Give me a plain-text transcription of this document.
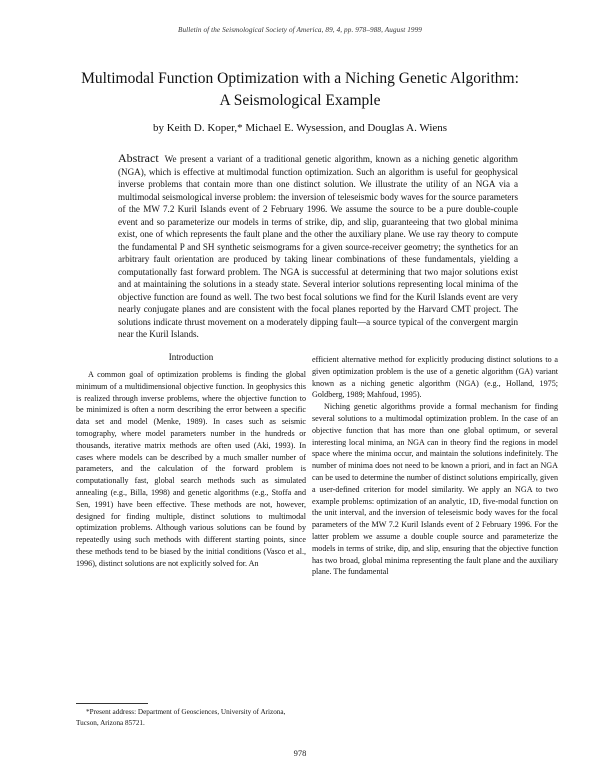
Bulletin of the Seismological Society of America, 89, 4, pp. 978–988, August 1999
Multimodal Function Optimization with a Niching Genetic Algorithm:
A Seismological Example
by Keith D. Koper,* Michael E. Wysession, and Douglas A. Wiens
Abstract We present a variant of a traditional genetic algorithm, known as a niching genetic algorithm (NGA), which is effective at multimodal function optimization. Such an algorithm is useful for geophysical inverse problems that contain more than one distinct solution. We illustrate the utility of an NGA via a multimodal seismological inverse problem: the inversion of teleseismic body waves for the source parameters of the MW 7.2 Kuril Islands event of 2 February 1996. We assume the source to be a pure double-couple event and so parameterize our models in terms of strike, dip, and slip, guaranteeing that two global minima exist, one of which represents the fault plane and the other the auxiliary plane. We use ray theory to compute the fundamental P and SH synthetic seismograms for a given source-receiver geometry; the synthetics for an arbitrary fault orientation are produced by taking linear combinations of these fundamentals, yielding a computationally fast forward problem. The NGA is successful at determining that two major solutions exist and at maintaining the solutions in a steady state. Several interior solutions representing local minima of the objective function are found as well. The two best focal solutions we find for the Kuril Islands event are very nearly conjugate planes and are consistent with the focal planes reported by the Harvard CMT project. The solutions indicate thrust movement on a moderately dipping fault—a source typical of the convergent margin near the Kuril Islands.
Introduction

A common goal of optimization problems is finding the global minimum of a multidimensional objective function. In geophysics this is realized through inverse problems, where the objective function to be minimized is often a norm describing the error between a specific data set and model (Menke, 1989). In cases such as seismic tomography, where model parameters number in the hundreds or thousands, iterative matrix methods are often used (Aki, 1993). In cases where models can be described by a much smaller number of parameters, and the calculation of the forward problem is computationally fast, global search methods such as simulated annealing (e.g., Billa, 1998) and genetic algorithms (e.g., Stoffa and Sen, 1991) have been effective. These methods are not, however, designed for finding multiple, distinct solutions to multimodal optimization problems. Although various solutions can be found by repeatedly using such methods with different starting points, since these methods tend to be biased by the initial conditions (Vasco et al., 1996), distinct solutions are not explicitly solved for. An

efficient alternative method for explicitly producing distinct solutions to a given optimization problem is the use of a genetic algorithm (GA) variant known as a niching genetic algorithm (NGA) (e.g., Holland, 1975; Goldberg, 1989; Mahfoud, 1995).

Niching genetic algorithms provide a formal mechanism for finding several solutions to a multimodal optimization problem. In the case of an objective function that has more than one global optimum, or several interesting local minima, an NGA can in theory find the regions in model space where the minima occur, and maintain the solutions indefinitely. The number of minima does not need to be known a priori, and in fact an NGA can be used to determine the number of distinct solutions empirically, given a user-defined criterion for model similarity. We apply an NGA to two example problems: optimization of an analytic, 1D, five-modal function on the unit interval, and the inversion of teleseismic body waves for the focal parameters of the MW 7.2 Kuril Islands event of 2 February 1996. For the latter problem we assume a double couple source and parameterize the models in terms of strike, dip, and slip, ensuring that the objective function has two broad, global minima representing the fault plane and the auxiliary plane. The fundamental

*Present address: Department of Geosciences, University of Arizona, Tucson, Arizona 85721.
978
